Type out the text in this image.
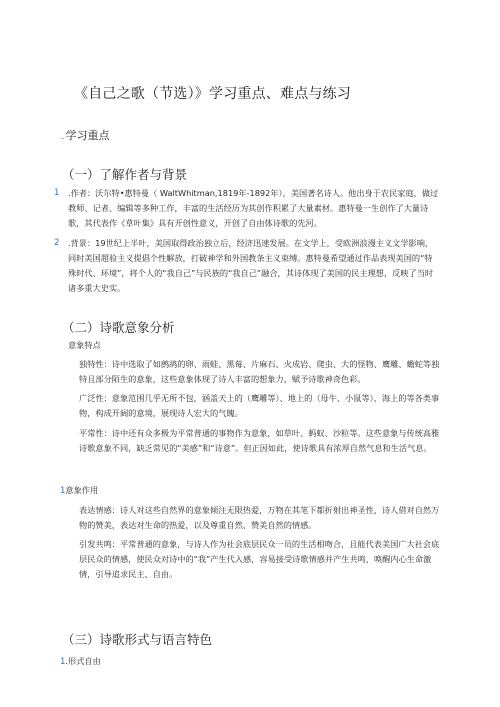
《自己之歌（节选）》学习重点、难点与练习
..学习重点
（一）了解作者与背景
1 .作者：沃尔特•惠特曼（ WaltWhitman,1819年-1892年），美国著名诗人。他出身于农民家庭，做过教师、记者、编辑等多种工作，丰富的生活经历为其创作积累了大量素材。惠特曼一生创作了大量诗歌，其代表作《草叶集》具有开创性意义，开创了自由体诗歌的先河。
2 .背景：19世纪上半叶，美国取得政治独立后，经济迅速发展。在文学上，受欧洲浪漫主义文学影响，同时美国超验主义提倡个性解放，打破神学和外国教条主义束缚。惠特曼希望通过作品表现美国的“特殊时代、环境”，将个人的“我自己”与民族的“我自己”融合，其诗体现了美国的民主理想，反映了当时诸多重大史实。
（二）诗歌意象分析
意象特点
独特性：诗中选取了如鹧鸪的卵、雨蛙、黑莓、片麻石、火成岩、爬虫、大的怪物、鹰雕、蟾蛇等独特且部分陌生的意象，这些意象体现了诗人丰富的想象力，赋予诗歌神奇色彩。
广泛性：意象范围几乎无所不包，涵盖天上的（鹰雕等）、地上的（母牛、小鼠等）、海上的等各类事物，构成开阔的意境，展现诗人宏大的气魄。
平常性：诗中还有众多极为平常普通的事物作为意象，如草叶、蚂蚁、沙粒等。这些意象与传统高雅诗歌意象不同，缺乏常见的“美感”和“诗意”。但正因如此，使诗歌具有浓厚自然气息和生活气息。
1意象作用
表达情感：诗人对这些自然界的意象倾注无限热爱，万物在其笔下都折射出神圣性，诗人借对自然万物的赞美，表达对生命的热爱，以及尊重自然、赞美自然的情感。
引发共鸣：平常普通的意象，与诗人作为社会底层民众一员的生活相吻合，且能代表美国广大社会底层民众的情感，使民众对诗中的“我”产生代入感，容易接受诗歌情感并产生共鸣，唤醒内心生命激情，引导追求民主、自由。
（三）诗歌形式与语言特色
1.形式自由
